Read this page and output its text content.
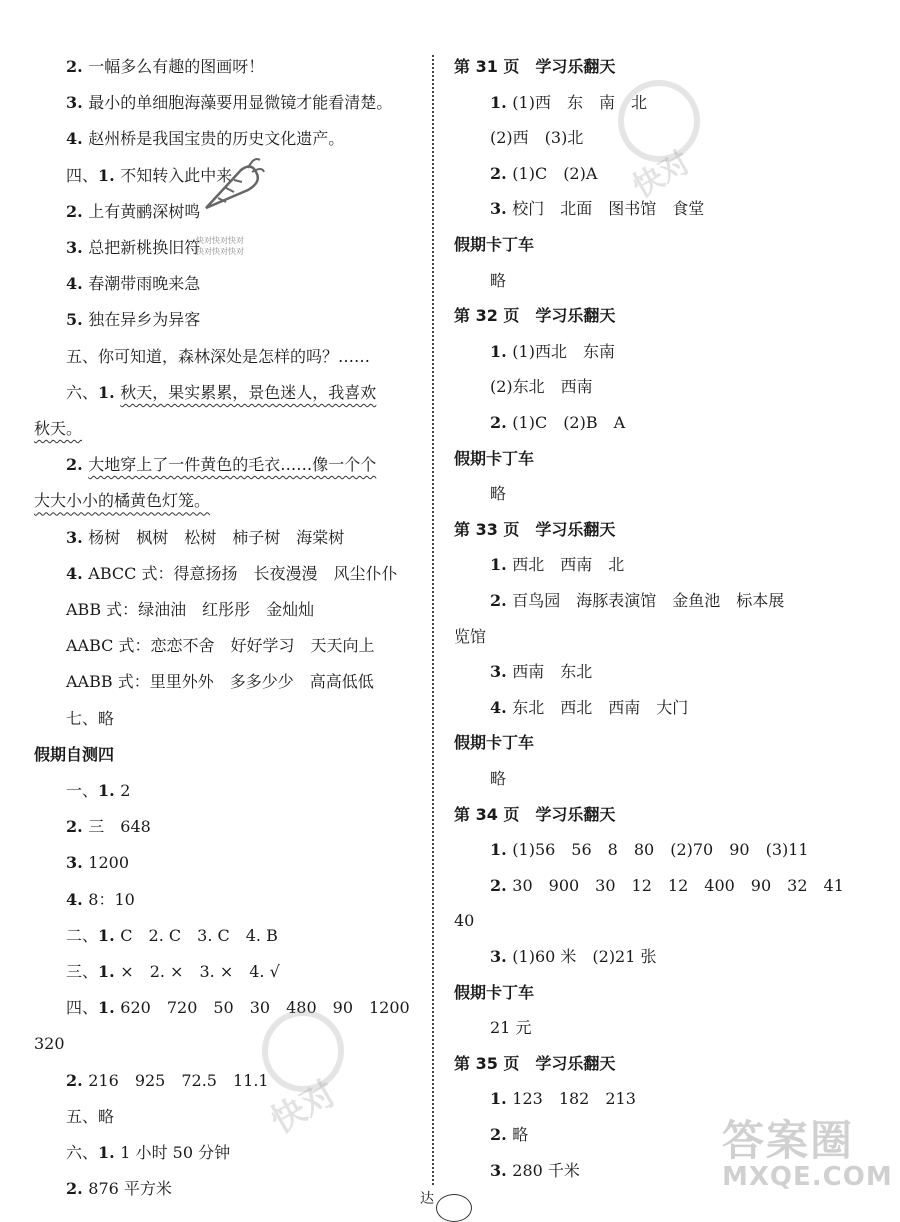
2. 一幅多么有趣的图画呀！
3. 最小的单细胞海藻要用显微镜才能看清楚。
4. 赵州桥是我国宝贵的历史文化遗产。
四、1. 不知转入此中来
2. 上有黄鹂深树鸣
3. 总把新桃换旧符
4. 春潮带雨晚来急
5. 独在异乡为异客
五、你可知道，森林深处是怎样的吗？……
六、1. 秋天，果实累累，景色迷人，我喜欢
秋天。
2. 大地穿上了一件黄色的毛衣……像一个个
大大小小的橘黄色灯笼。
3. 杨树　枫树　松树　柿子树　海棠树
4. ABCC 式：得意扬扬　长夜漫漫　风尘仆仆
ABB 式：绿油油　红彤彤　金灿灿
AABC 式：恋恋不舍　好好学习　天天向上
AABB 式：里里外外　多多少少　高高低低
七、略
假期自测四
一、1. 2
2. 三　648
3. 1200
4. 8：10
二、1. C　2. C　3. C　4. B
三、1. ×　2. ×　3. ×　4. √
四、1. 620　720　50　30　480　90　1200
320
2. 216　925　72.5　11.1
五、略
六、1. 1 小时 50 分钟
2. 876 平方米
第 31 页　学习乐翻天
1. (1)西　东　南　北
(2)西　(3)北
2. (1)C　(2)A
3. 校门　北面　图书馆　食堂
假期卡丁车
略
第 32 页　学习乐翻天
1. (1)西北　东南
(2)东北　西南
2. (1)C　(2)B　A
假期卡丁车
略
第 33 页　学习乐翻天
1. 西北　西南　北
2. 百鸟园　海豚表演馆　金鱼池　标本展
览馆
3. 西南　东北
4. 东北　西北　西南　大门
假期卡丁车
略
第 34 页　学习乐翻天
1. (1)56　56　8　80　(2)70　90　(3)11
2. 30　900　30　12　12　400　90　32　41
40
3. (1)60 米　(2)21 张
假期卡丁车
21 元
第 35 页　学习乐翻天
1. 123　182　213
2. 略
3. 280 千米
快对
快对
快对快对快对
快对快对快对
答案圈
MXQE.COM
达
